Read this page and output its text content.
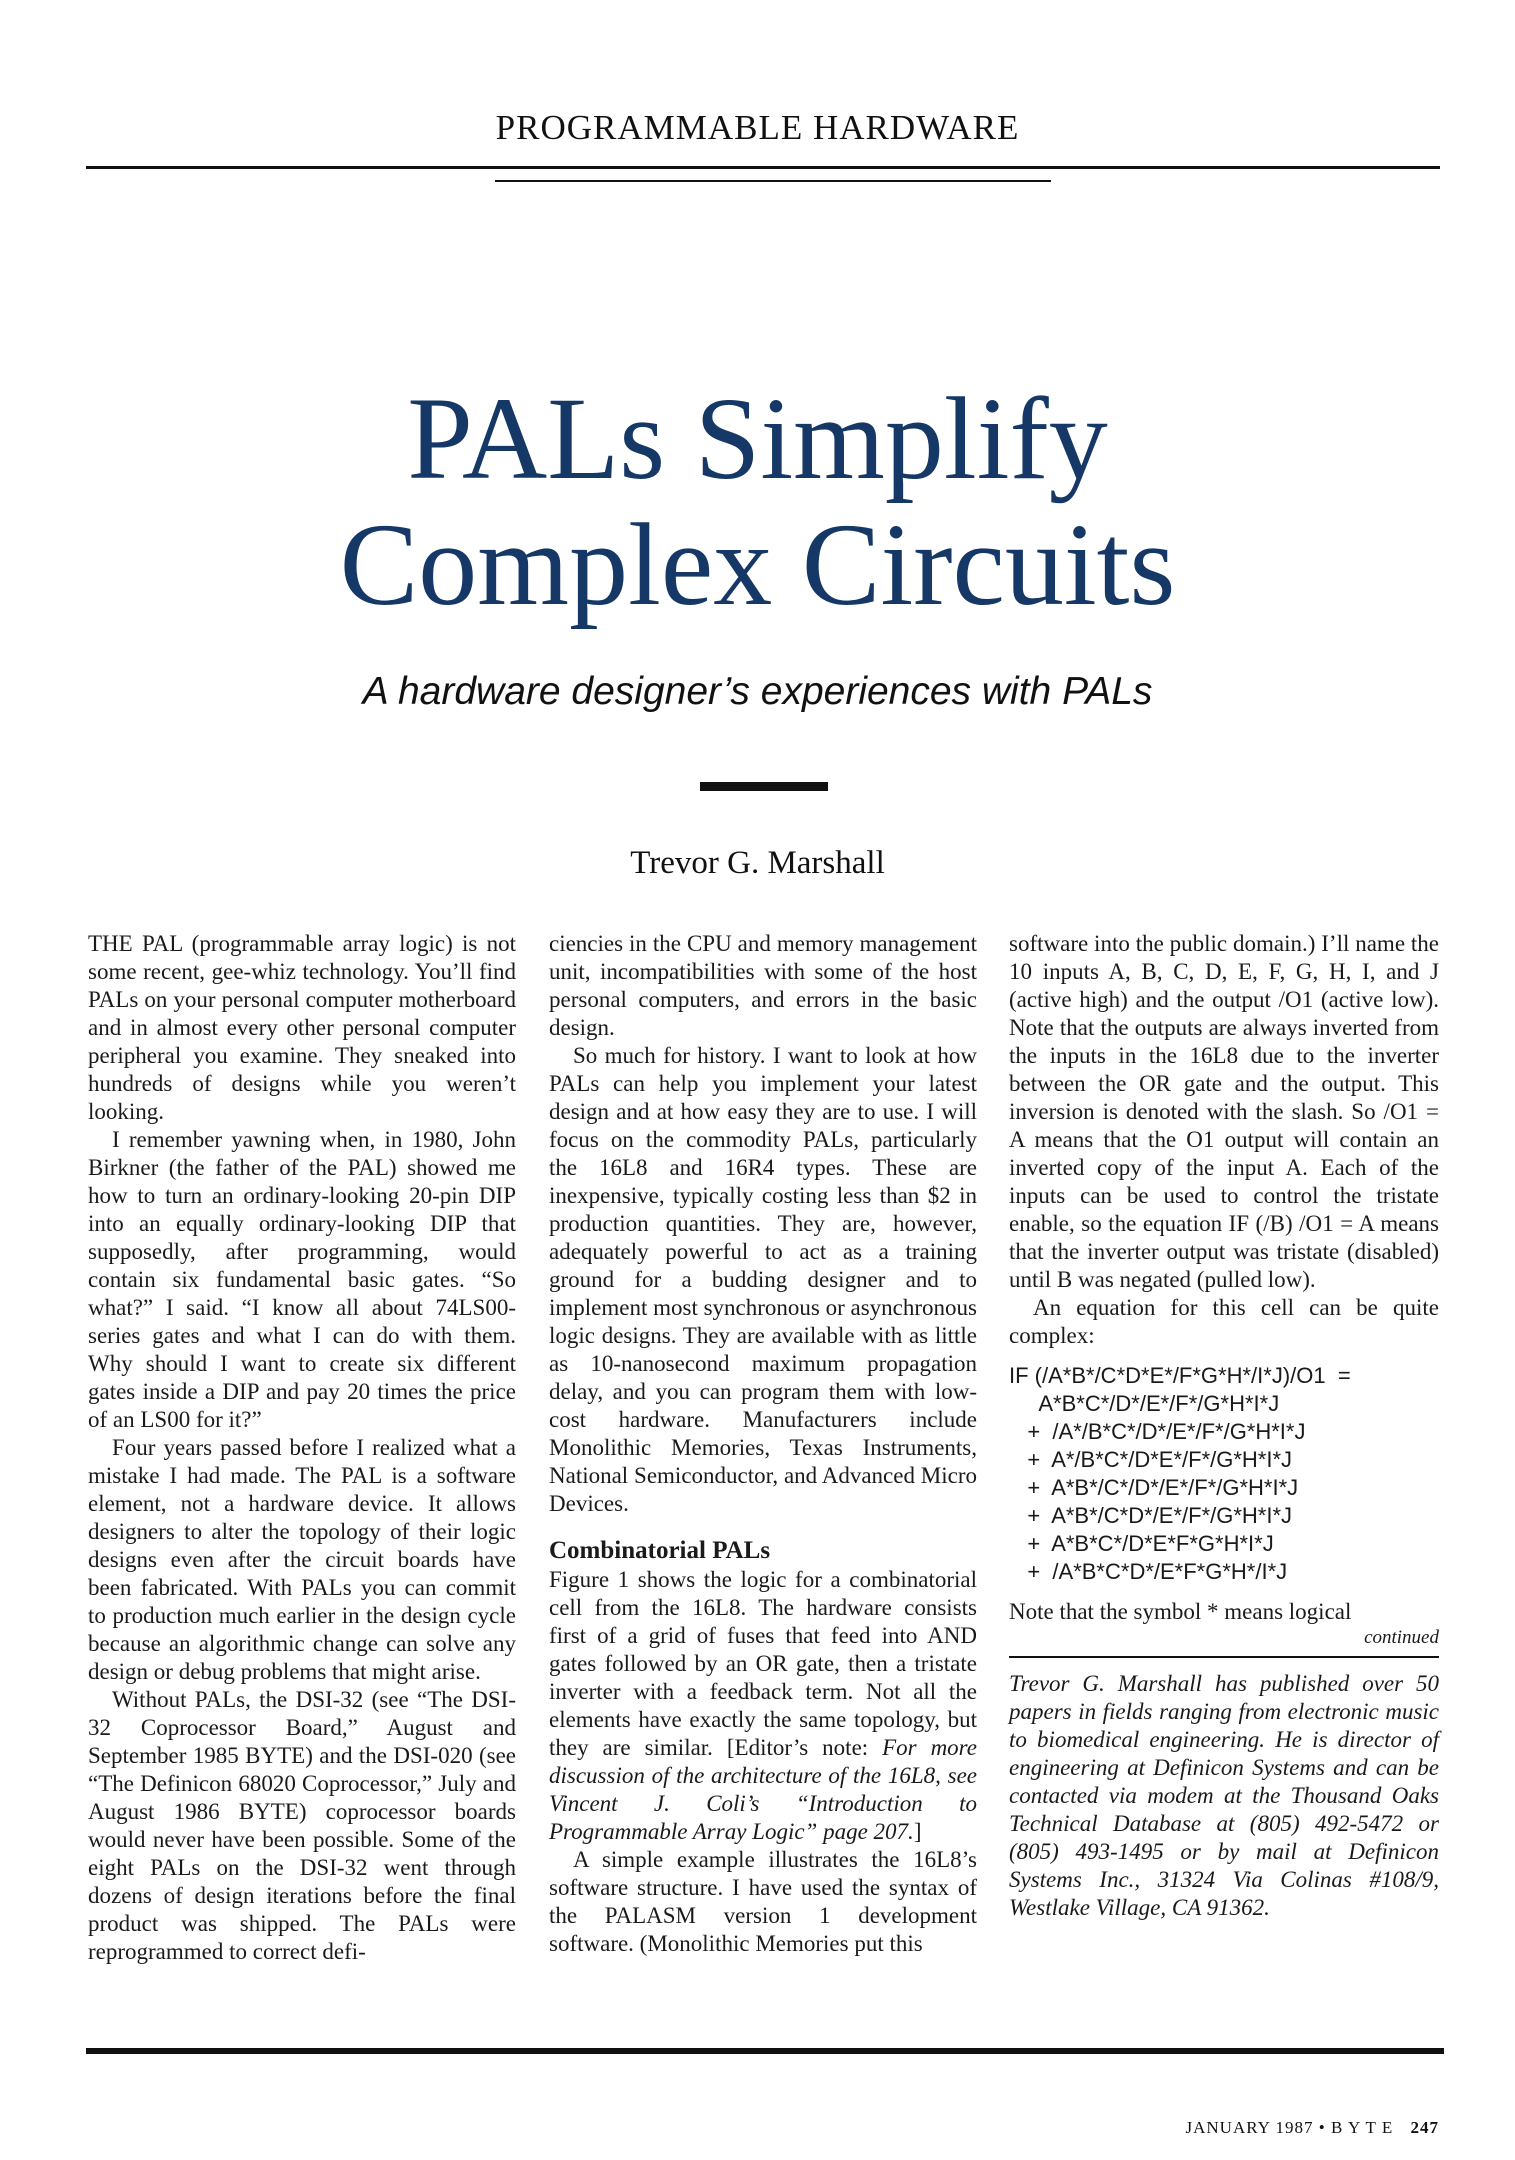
PROGRAMMABLE HARDWARE
PALs Simplify
Complex Circuits
A hardware designer’s experiences with PALs
Trevor G. Marshall

THE PAL (programmable array logic) is not some recent, gee-whiz technology. You’ll find PALs on your personal computer motherboard and in almost every other personal computer peripheral you examine. They sneaked into hundreds of designs while you weren’t looking.

I remember yawning when, in 1980, John Birkner (the father of the PAL) showed me how to turn an ordinary-looking 20-pin DIP into an equally ordinary-looking DIP that supposedly, after programming, would contain six fundamental basic gates. “So what?” I said. “I know all about 74LS00-series gates and what I can do with them. Why should I want to create six different gates inside a DIP and pay 20 times the price of an LS00 for it?”

Four years passed before I realized what a mistake I had made. The PAL is a software element, not a hardware device. It allows designers to alter the topology of their logic designs even after the circuit boards have been fabricated. With PALs you can commit to production much earlier in the design cycle because an algorithmic change can solve any design or debug problems that might arise.

Without PALs, the DSI-32 (see “The DSI-32 Coprocessor Board,” August and September 1985 BYTE) and the DSI-020 (see “The Definicon 68020 Coprocessor,” July and August 1986 BYTE) coprocessor boards would never have been possible. Some of the eight PALs on the DSI-32 went through dozens of design iterations before the final product was shipped. The PALs were reprogrammed to correct defi-

ciencies in the CPU and memory management unit, incompatibilities with some of the host personal computers, and errors in the basic design.

So much for history. I want to look at how PALs can help you implement your latest design and at how easy they are to use. I will focus on the commodity PALs, particularly the 16L8 and 16R4 types. These are inexpensive, typically costing less than $2 in production quantities. They are, however, adequately powerful to act as a training ground for a budding designer and to implement most synchronous or asynchronous logic designs. They are available with as little as 10-nanosecond maximum propagation delay, and you can program them with low-cost hardware. Manufacturers include Monolithic Memories, Texas Instruments, National Semiconductor, and Advanced Micro Devices.

Combinatorial PALs

Figure 1 shows the logic for a combinatorial cell from the 16L8. The hardware consists first of a grid of fuses that feed into AND gates followed by an OR gate, then a tristate inverter with a feedback term. Not all the elements have exactly the same topology, but they are similar. [Editor’s note: For more discussion of the architecture of the 16L8, see Vincent J. Coli’s “Introduction to Programmable Array Logic” page 207.]

A simple example illustrates the 16L8’s software structure. I have used the syntax of the PALASM version 1 development software. (Monolithic Memories put this

software into the public domain.) I’ll name the 10 inputs A, B, C, D, E, F, G, H, I, and J (active high) and the output /O1 (active low). Note that the outputs are always inverted from the inputs in the 16L8 due to the inverter between the OR gate and the output. This inversion is denoted with the slash. So /O1 = A means that the O1 output will contain an inverted copy of the input A. Each of the inputs can be used to control the tristate enable, so the equation IF (/B) /O1 = A means that the inverter output was tristate (disabled) until B was negated (pulled low).

An equation for this cell can be quite complex:

IF (/A*B*/C*D*E*/F*G*H*/I*J)/O1  =
A*B*C*/D*/E*/F*/G*H*I*J
+  /A*/B*C*/D*/E*/F*/G*H*I*J
+  A*/B*C*/D*E*/F*/G*H*I*J
+  A*B*/C*/D*/E*/F*/G*H*I*J
+  A*B*/C*D*/E*/F*/G*H*I*J
+  A*B*C*/D*E*F*G*H*I*J
+  /A*B*C*D*/E*F*G*H*/I*J

Note that the symbol * means logical

continued

Trevor G. Marshall has published over 50 papers in fields ranging from electronic music to biomedical engineering. He is director of engineering at Definicon Systems and can be contacted via modem at the Thousand Oaks Technical Database at (805) 492-5472 or (805) 493-1495 or by mail at Definicon Systems Inc., 31324 Via Colinas #108/9, Westlake Village, CA 91362.

JANUARY 1987 • B Y T E 247
